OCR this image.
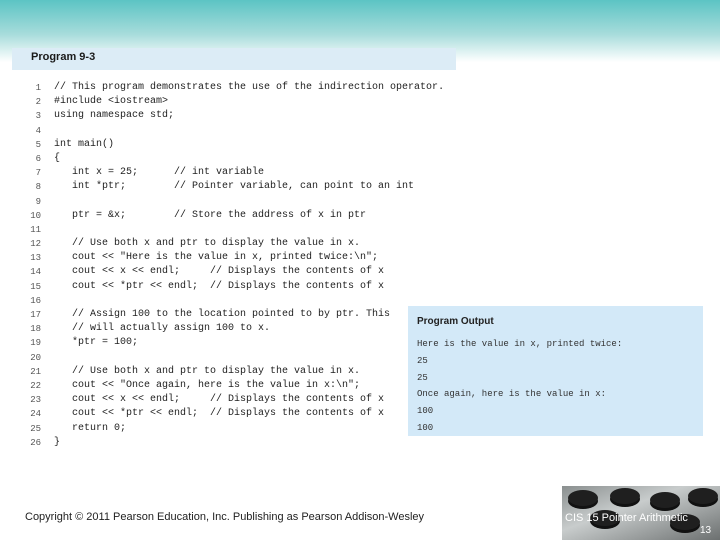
Program 9-3
1 // This program demonstrates the use of the indirection operator.
2 #include <iostream>
3 using namespace std;
4
5 int main()
6 {
7 int x = 25;      // int variable
8 int *ptr;        // Pointer variable, can point to an int
9
10 ptr = &x;        // Store the address of x in ptr
11
12 // Use both x and ptr to display the value in x.
13 cout << "Here is the value in x, printed twice:\n";
14 cout << x << endl;     // Displays the contents of x
15 cout << *ptr << endl;  // Displays the contents of x
16
17 // Assign 100 to the location pointed to by ptr. This
18 // will actually assign 100 to x.
19 *ptr = 100;
20
21 // Use both x and ptr to display the value in x.
22 cout << "Once again, here is the value in x:\n";
23 cout << x << endl;     // Displays the contents of x
24 cout << *ptr << endl;  // Displays the contents of x
25 return 0;
26 }
Program Output
Here is the value in x, printed twice:
25
25
Once again, here is the value in x:
100
100
Copyright © 2011 Pearson Education, Inc. Publishing as Pearson Addison-Wesley	CIS 15 Pointer Arithmetic
13
